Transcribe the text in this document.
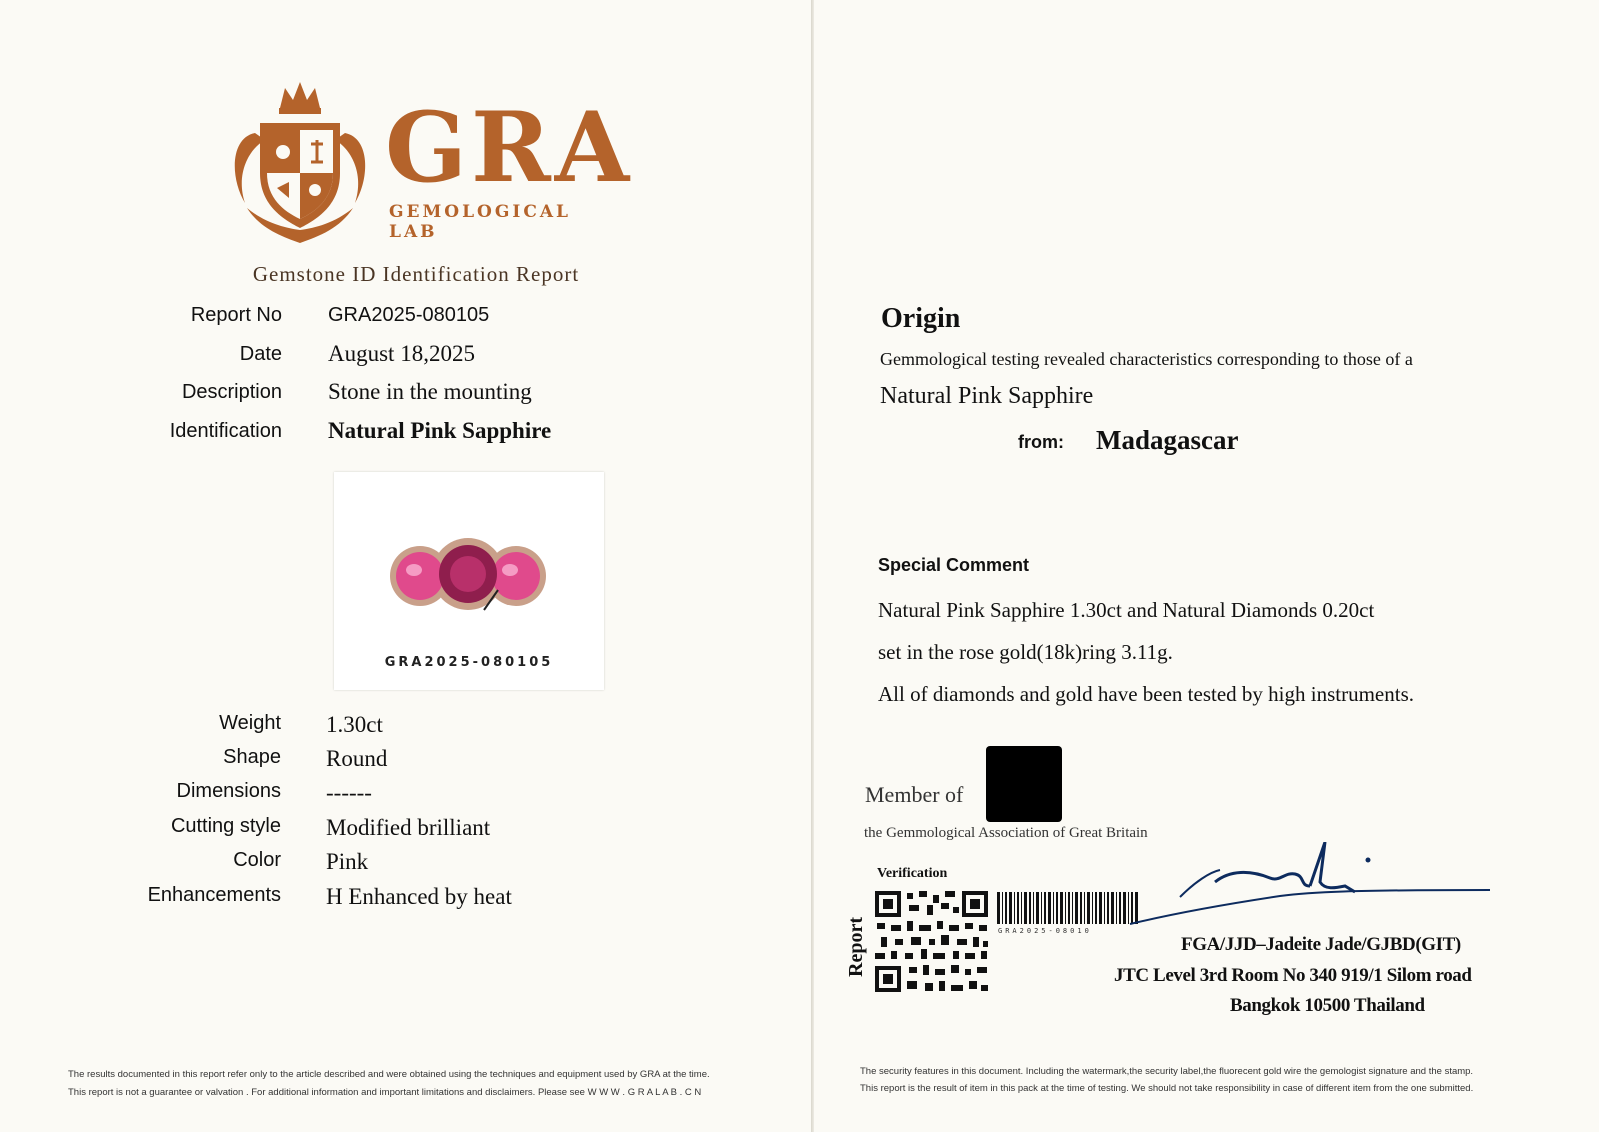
GRA
GEMOLOGICAL LAB
Gemstone ID Identification Report
Report No GRA2025-080105
Date August 18,2025
Description Stone in the mounting
Identification Natural Pink Sapphire
GRA2025-080105
Weight 1.30ct
Shape Round
Dimensions ------
Cutting style Modified brilliant
Color Pink
Enhancements H Enhanced by heat
The results documented in this report refer only to the article described and were obtained using the techniques and equipment used by GRA at the time.
This report is not a guarantee or valvation . For additional information and important limitations and disclaimers. Please see W W W . G R A L A B . C N
Origin
Gemmological testing revealed characteristics corresponding to those of a
Natural Pink Sapphire
from: Madagascar
Special Comment
Natural Pink Sapphire 1.30ct and Natural Diamonds 0.20ct
set in the rose gold(18k)ring 3.11g.
All of diamonds and gold have been tested by high instruments.
Member of
the Gemmological Association of Great Britain
Verification
Report	GRA2025-08010
FGA/JJD–Jadeite Jade/GJBD(GIT)
JTC Level 3rd Room No 340 919/1 Silom road
Bangkok 10500 Thailand
The security features in this document. Including the watermark,the security label,the fluorecent gold wire the gemologist signature and the stamp.
This report is the result of item in this pack at the time of testing. We should not take responsibility in case of different item from the one submitted.
